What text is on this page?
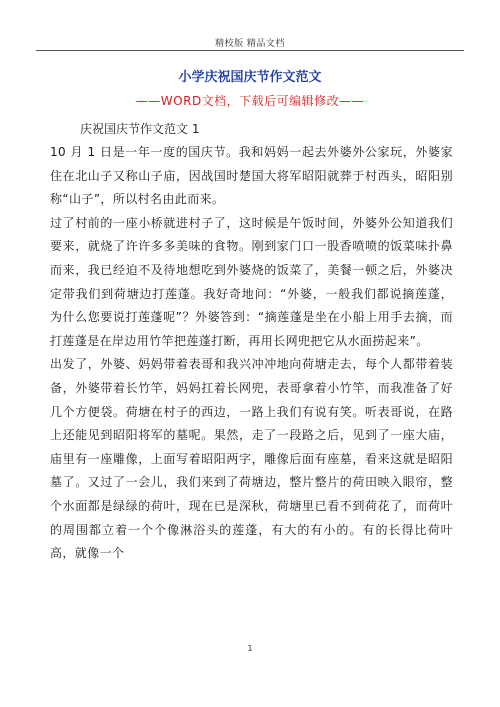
精校版 精品文档
小学庆祝国庆节作文范文
——WORD文档，下载后可编辑修改——
庆祝国庆节作文范文 1

10 月 1 日是一年一度的国庆节。我和妈妈一起去外婆外公家玩，外婆家住在北山子又称山子庙，因战国时楚国大将军昭阳就葬于村西头，昭阳别称“山子”，所以村名由此而来。

过了村前的一座小桥就进村子了，这时候是午饭时间，外婆外公知道我们要来，就烧了许许多多美味的食物。刚到家门口一股香喷喷的饭菜味扑鼻而来，我已经迫不及待地想吃到外婆烧的饭菜了，美餐一顿之后，外婆决定带我们到荷塘边打莲蓬。我好奇地问：“外婆，一般我们都说摘莲蓬，为什么您要说打莲蓬呢”？外婆答到：“摘莲蓬是坐在小船上用手去摘，而打莲蓬是在岸边用竹竿把莲蓬打断，再用长网兜把它从水面捞起来”。

出发了，外婆、妈妈带着表哥和我兴冲冲地向荷塘走去，每个人都带着装备，外婆带着长竹竿，妈妈扛着长网兜，表哥拿着小竹竿，而我准备了好几个方便袋。荷塘在村子的西边，一路上我们有说有笑。听表哥说，在路上还能见到昭阳将军的墓呢。果然，走了一段路之后，见到了一座大庙，庙里有一座雕像，上面写着昭阳两字，雕像后面有座墓，看来这就是昭阳墓了。又过了一会儿，我们来到了荷塘边，整片整片的荷田映入眼帘，整个水面都是绿绿的荷叶，现在已是深秋，荷塘里已看不到荷花了，而荷叶的周围都立着一个个像淋浴头的莲蓬，有大的有小的。有的长得比荷叶高，就像一个

1
